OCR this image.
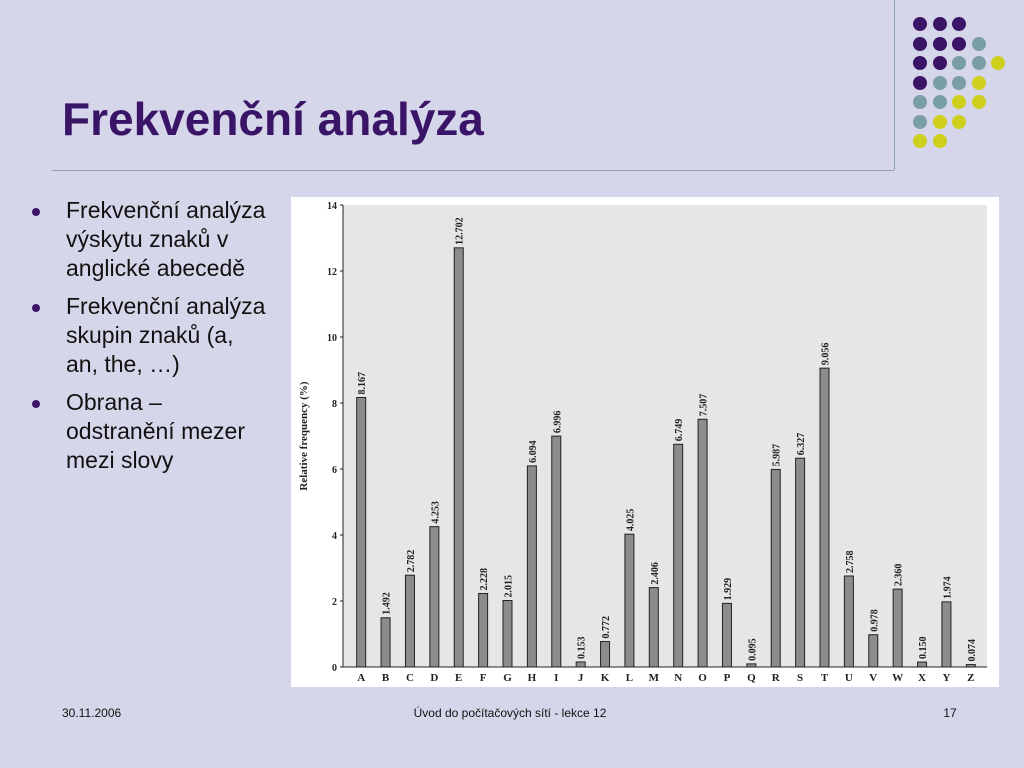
Frekvenční analýza
Frekvenční analýza výskytu znaků v anglické abecedě
Frekvenční analýza skupin znaků (a, an, the, …)
Obrana – odstranění mezer mezi slovy
0
2
4
6
8
10
12
14
Relative frequency (%)	8.167
A
1.492
B
2.782
C
4.253
D
12.702
E
2.228
F
2.015
G
6.094
H
6.996
I
0.153
J
0.772
K
4.025
L
2.406
M
6.749
N
7.507
O
1.929
P
0.095
Q
5.987
R
6.327
S
9.056
T
2.758
U
0.978
V
2.360
W
0.150
X
1.974
Y
0.074
Z
30.11.2006	Úvod do počítačových sítí - lekce 12	17
